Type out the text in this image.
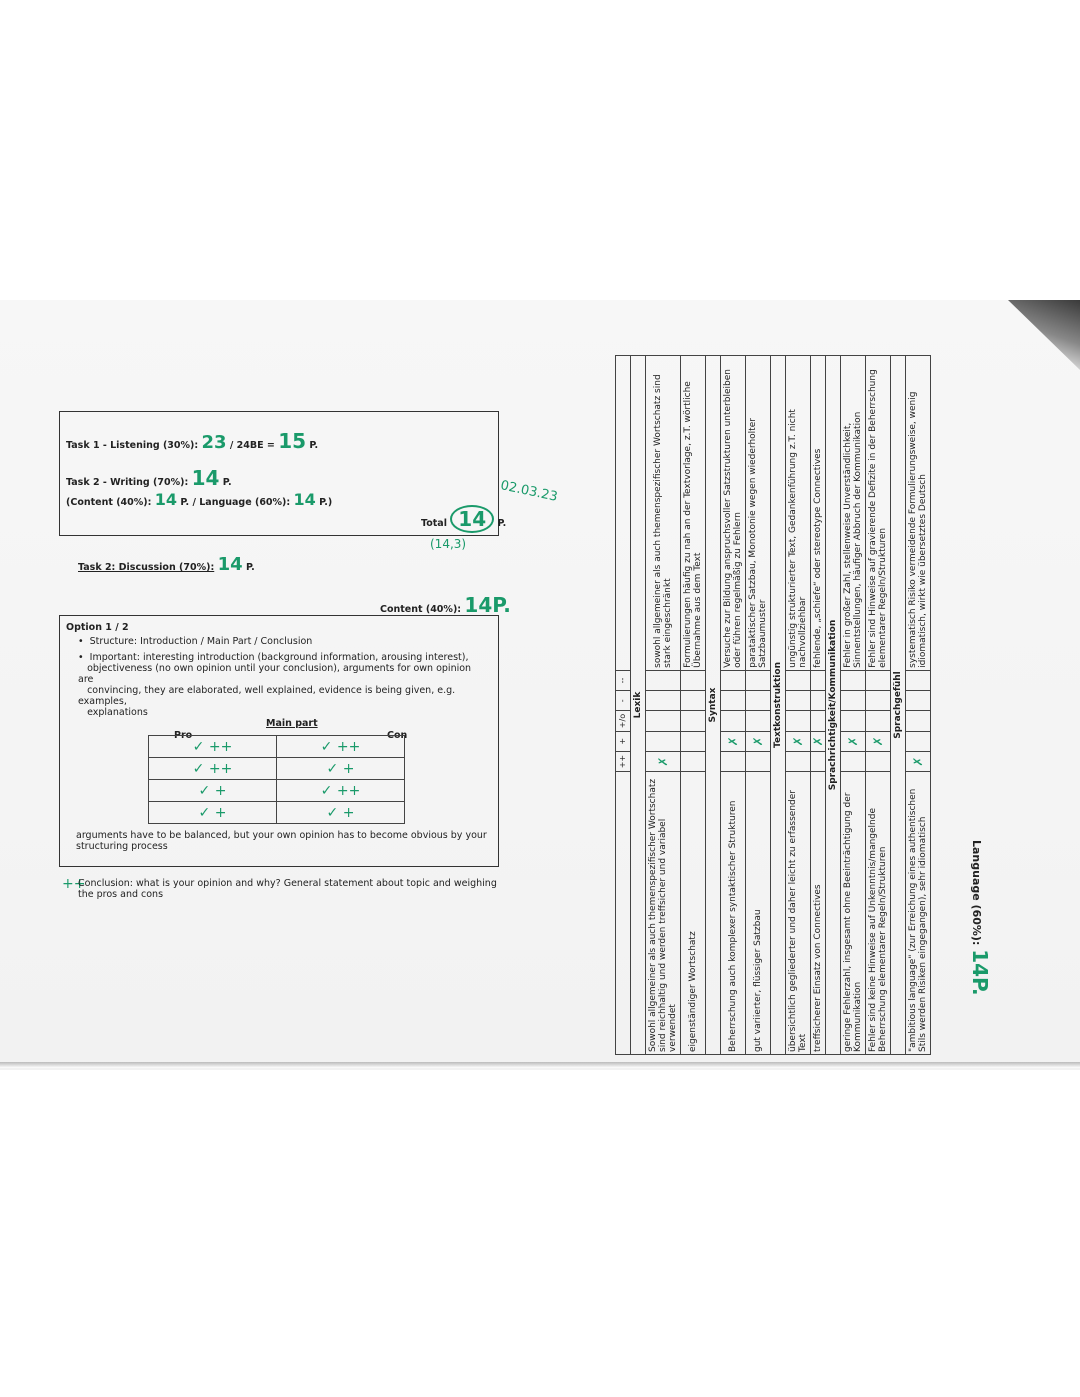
Task 1 - Listening (30%): 23 / 24BE = 15 P.
Task 2 - Writing (70%): 14 P.
(Content (40%): 14 P. / Language (60%): 14 P.)
Total 14 P.
(14,3)
02.03.23
Task 2: Discussion (70%): 14 P.
Content (40%): 14P.
Option 1 / 2
•  Structure: Introduction / Main Part / Conclusion
•  Important: interesting introduction (background information, arousing interest),
objectiveness (no own opinion until your conclusion), arguments for own opinion are
convincing, they are elaborated, well explained, evidence is being given, e.g. examples,
explanations
Main part
Pro	Con
✓ ++	✓ ++
✓ ++	✓ +
✓ +	✓ ++
✓ +	✓ +
arguments have to be balanced, but your own opinion has to become obvious by your structuring process
++
Conclusion: what is your opinion and why? General statement about topic and weighing the pros and cons	Language (60%): 14P.
	++	+	+/o	-	--	
Lexik						
Sowohl allgemeiner als auch themenspezifischer Wortschatz sind reichhaltig und werden treffsicher und variabel verwendet	✗					sowohl allgemeiner als auch themenspezifischer Wortschatz sind stark eingeschränkt
eigenständiger Wortschatz						Formulierungen häufig zu nah an der Textvorlage, z.T. wörtliche Übernahme aus dem Text
Syntax						
Beherrschung auch komplexer syntaktischer Strukturen		✗				Versuche zur Bildung anspruchsvoller Satzstrukturen unterbleiben oder führen regelmäßig zu Fehlern
gut variierter, flüssiger Satzbau		✗				parataktischer Satzbau, Monotonie wegen wiederholter Satzbaumuster
Textkonstruktion						
übersichtlich gegliederter und daher leicht zu erfassender Text		✗				ungünstig strukturierter Text, Gedankenführung z.T. nicht nachvollziehbar
treffsicherer Einsatz von Connectives		✗				fehlende, „schiefe“ oder stereotype Connectives
Sprachrichtigkeit/Kommunikation						
geringe Fehlerzahl, insgesamt ohne Beeinträchtigung der Kommunikation		✗				Fehler in großer Zahl, stellenweise Unverständlichkeit, Sinnentstellungen, häufiger Abbruch der Kommunikation
Fehler sind keine Hinweise auf Unkenntnis/mangelnde Beherrschung elementarer Regeln/Strukturen		✗				Fehler sind Hinweise auf gravierende Defizite in der Beherrschung elementarer Regeln/Strukturen
Sprachgefühl						
"ambitious language" (zur Erreichung eines authentischen Stils werden Risiken eingegangen), sehr idiomatisch	✗					systematisch Risiko vermeidende Formulierungsweise, wenig idiomatisch, wirkt wie übersetztes Deutsch
